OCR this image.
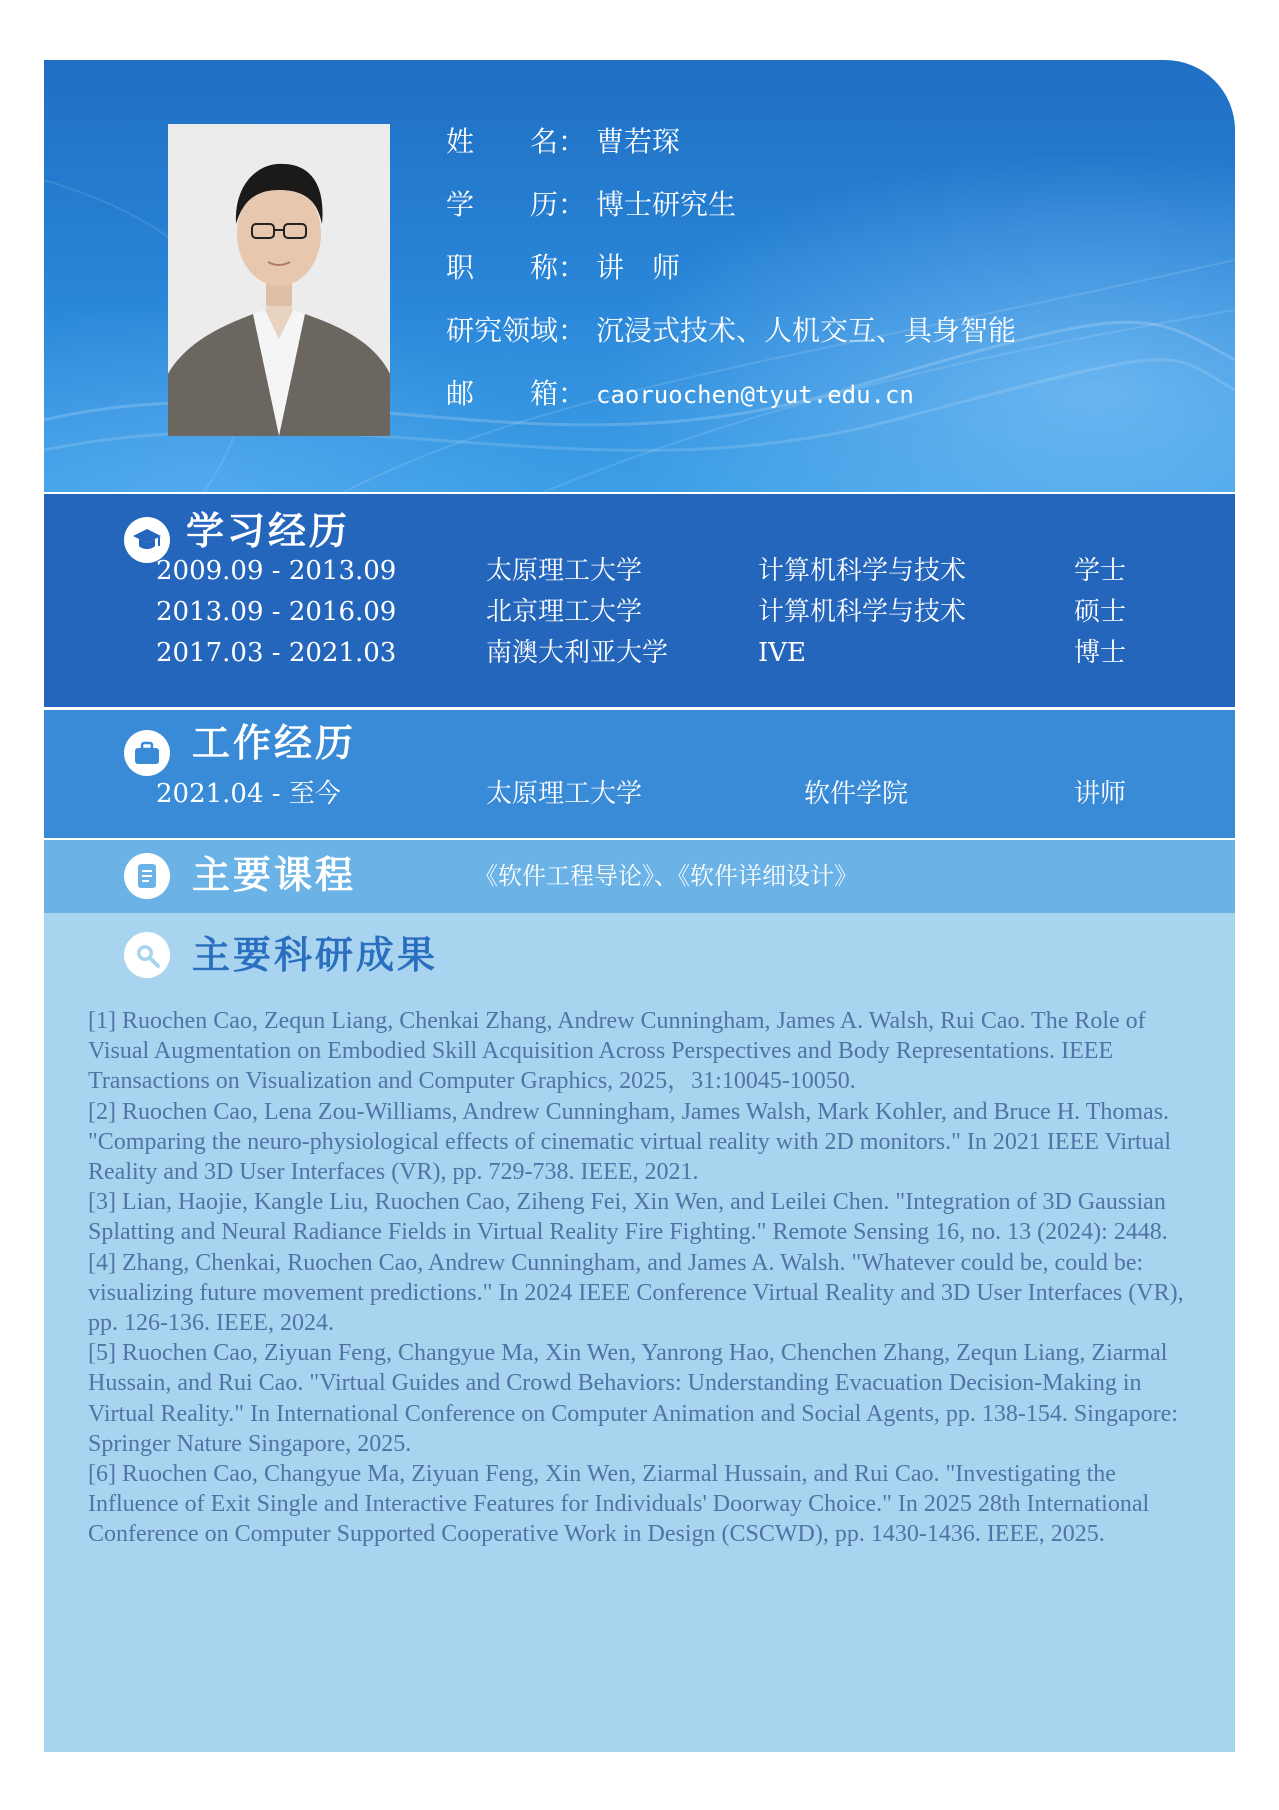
姓　　名： 曹若琛
学　　历： 博士研究生
职　　称： 讲　师
研究领域： 沉浸式技术、人机交互、具身智能
邮　　箱： caoruochen@tyut.edu.cn
学习经历
2009.09 - 2013.09	太原理工大学	计算机科学与技术	学士
2013.09 - 2016.09	北京理工大学	计算机科学与技术	硕士
2017.03 - 2021.03	南澳大利亚大学	IVE	博士
工作经历
2021.04 - 至今	太原理工大学	软件学院	讲师
主要课程	《软件工程导论》、《软件详细设计》
主要科研成果

[1] Ruochen Cao, Zequn Liang, Chenkai Zhang, Andrew Cunningham, James A. Walsh, Rui Cao. The Role of Visual Augmentation on Embodied Skill Acquisition Across Perspectives and Body Representations. IEEE Transactions on Visualization and Computer Graphics, 2025，31:10045-10050.

[2] Ruochen Cao, Lena Zou-Williams, Andrew Cunningham, James Walsh, Mark Kohler, and Bruce H. Thomas. "Comparing the neuro-physiological effects of cinematic virtual reality with 2D monitors." In 2021 IEEE Virtual Reality and 3D User Interfaces (VR), pp. 729-738. IEEE, 2021.

[3] Lian, Haojie, Kangle Liu, Ruochen Cao, Ziheng Fei, Xin Wen, and Leilei Chen. "Integration of 3D Gaussian Splatting and Neural Radiance Fields in Virtual Reality Fire Fighting." Remote Sensing 16, no. 13 (2024): 2448.

[4] Zhang, Chenkai, Ruochen Cao, Andrew Cunningham, and James A. Walsh. "Whatever could be, could be: visualizing future movement predictions." In 2024 IEEE Conference Virtual Reality and 3D User Interfaces (VR), pp. 126-136. IEEE, 2024.

[5] Ruochen Cao, Ziyuan Feng, Changyue Ma, Xin Wen, Yanrong Hao, Chenchen Zhang, Zequn Liang, Ziarmal Hussain, and Rui Cao. "Virtual Guides and Crowd Behaviors: Understanding Evacuation Decision-Making in Virtual Reality." In International Conference on Computer Animation and Social Agents, pp. 138-154. Singapore: Springer Nature Singapore, 2025.

[6] Ruochen Cao, Changyue Ma, Ziyuan Feng, Xin Wen, Ziarmal Hussain, and Rui Cao. "Investigating the Influence of Exit Single and Interactive Features for Individuals' Doorway Choice." In 2025 28th International Conference on Computer Supported Cooperative Work in Design (CSCWD), pp. 1430-1436. IEEE, 2025.
